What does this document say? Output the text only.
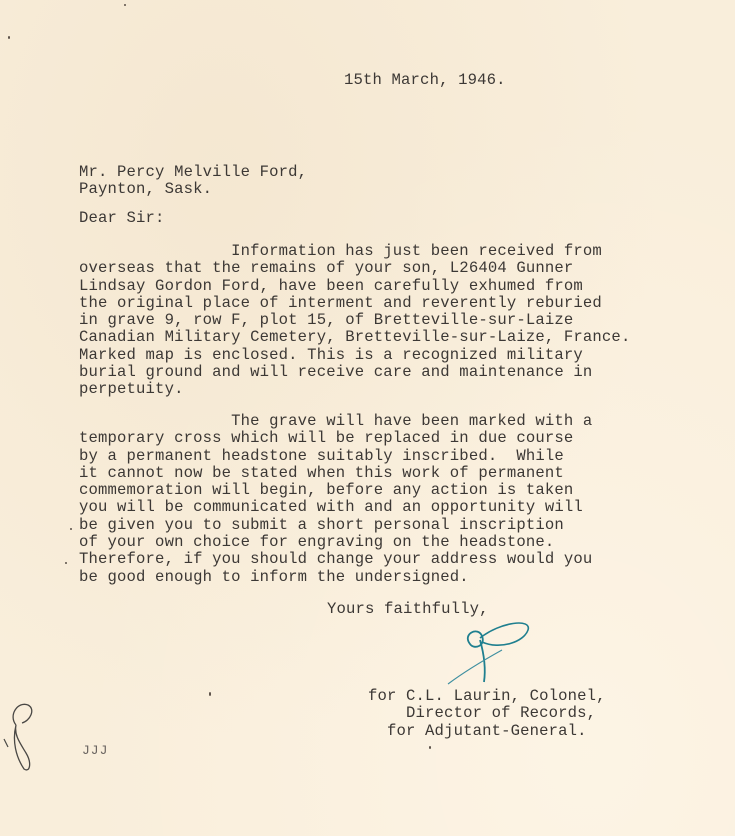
15th March, 1946.
Mr. Percy Melville Ford,
Paynton, Sask.
Dear Sir:
Information has just been received from
overseas that the remains of your son, L26404 Gunner
Lindsay Gordon Ford, have been carefully exhumed from
the original place of interment and reverently reburied
in grave 9, row F, plot 15, of Bretteville-sur-Laize
Canadian Military Cemetery, Bretteville-sur-Laize, France.
Marked map is enclosed. This is a recognized military
burial ground and will receive care and maintenance in
perpetuity.
The grave will have been marked with a
temporary cross which will be replaced in due course
by a permanent headstone suitably inscribed.  While
it cannot now be stated when this work of permanent
commemoration will begin, before any action is taken
you will be communicated with and an opportunity will
be given you to submit a short personal inscription
of your own choice for engraving on the headstone.
Therefore, if you should change your address would you
be good enough to inform the undersigned.
Yours faithfully,
for C.L. Laurin, Colonel,
Director of Records,
for Adjutant-General.
JJJ
